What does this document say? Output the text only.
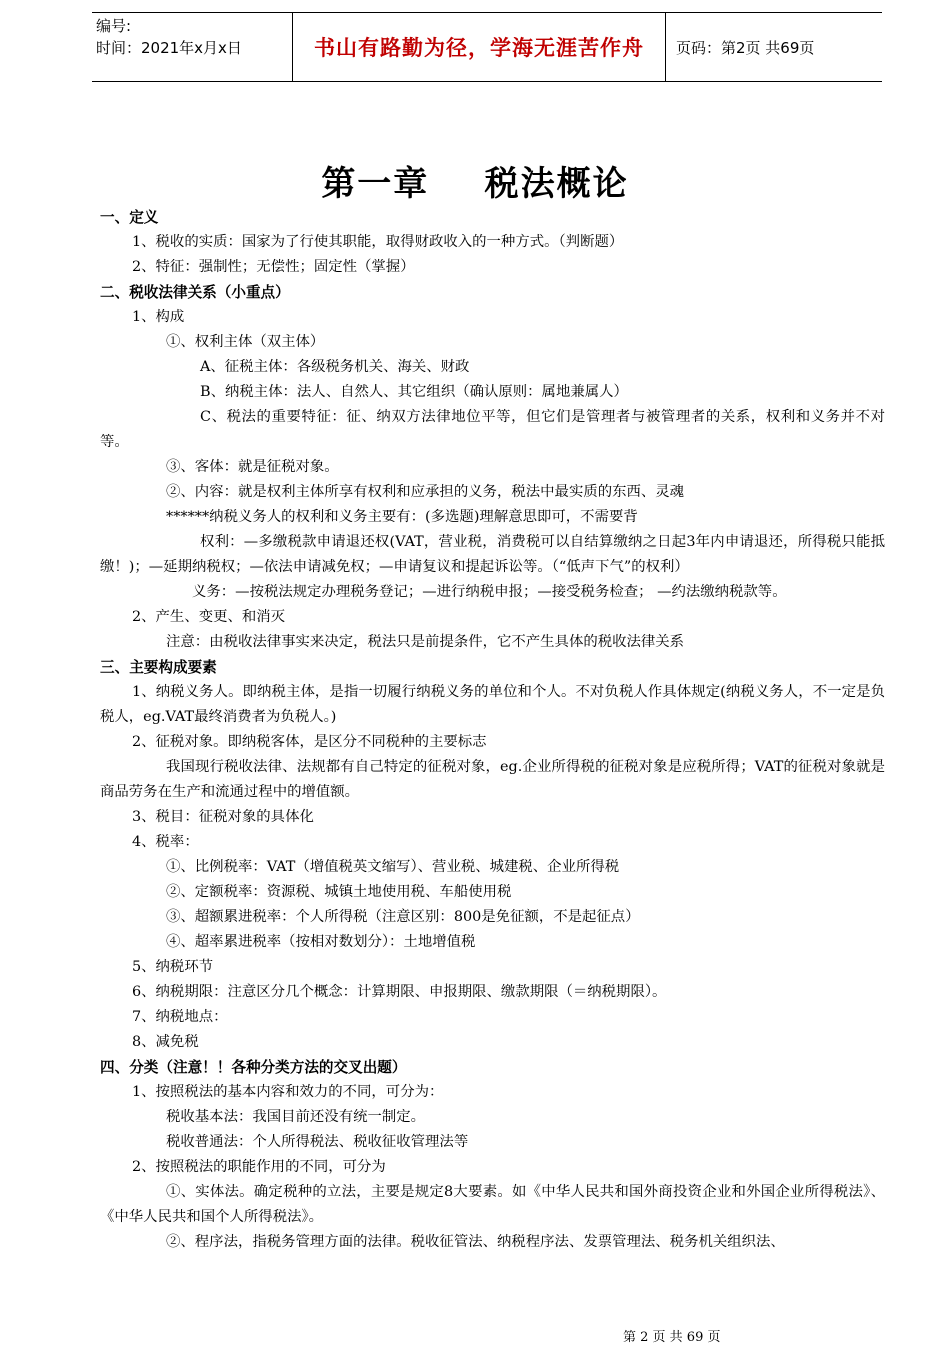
编号:
时间：2021年x月x日	书山有路勤为径，学海无涯苦作舟	页码：第2页 共69页
第一章    税法概论
一、定义
1、税收的实质：国家为了行使其职能，取得财政收入的一种方式。（判断题）
2、特征：强制性；无偿性；固定性（掌握）
二、税收法律关系（小重点）
1、构成
①、权利主体（双主体）
A、征税主体：各级税务机关、海关、财政
B、纳税主体：法人、自然人、其它组织（确认原则：属地兼属人）
C、税法的重要特征：征、纳双方法律地位平等，但它们是管理者与被管理者的关系，权利和义务并不对等。
③、客体：就是征税对象。
②、内容：就是权利主体所享有权利和应承担的义务，税法中最实质的东西、灵魂
******纳税义务人的权利和义务主要有：(多选题)理解意思即可，不需要背
权利：—多缴税款申请退还权(VAT，营业税，消费税可以自结算缴纳之日起3年内申请退还，所得税只能抵缴！)；—延期纳税权；—依法申请减免权；—申请复议和提起诉讼等。（“低声下气”的权利）
义务：—按税法规定办理税务登记；—进行纳税申报；—接受税务检查； —约法缴纳税款等。
2、产生、变更、和消灭
注意：由税收法律事实来决定，税法只是前提条件，它不产生具体的税收法律关系
三、主要构成要素
1、纳税义务人。即纳税主体，是指一切履行纳税义务的单位和个人。不对负税人作具体规定(纳税义务人，不一定是负税人，eg.VAT最终消费者为负税人。)
2、征税对象。即纳税客体，是区分不同税种的主要标志
我国现行税收法律、法规都有自己特定的征税对象，eg.企业所得税的征税对象是应税所得；VAT的征税对象就是商品劳务在生产和流通过程中的增值额。
3、税目：征税对象的具体化
4、税率：
①、比例税率：VAT（增值税英文缩写）、营业税、城建税、企业所得税
②、定额税率：资源税、城镇土地使用税、车船使用税
③、超额累进税率：个人所得税（注意区别：800是免征额，不是起征点）
④、超率累进税率（按相对数划分）：土地增值税
5、纳税环节
6、纳税期限：注意区分几个概念：计算期限、申报期限、缴款期限（＝纳税期限）。
7、纳税地点：
8、减免税
四、分类（注意！！各种分类方法的交叉出题）
1、按照税法的基本内容和效力的不同，可分为：
税收基本法：我国目前还没有统一制定。
税收普通法：个人所得税法、税收征收管理法等
2、按照税法的职能作用的不同，可分为
①、实体法。确定税种的立法，主要是规定8大要素。如《中华人民共和国外商投资企业和外国企业所得税法》、《中华人民共和国个人所得税法》。
②、程序法，指税务管理方面的法律。税收征管法、纳税程序法、发票管理法、税务机关组织法、
第 2 页 共 69 页
